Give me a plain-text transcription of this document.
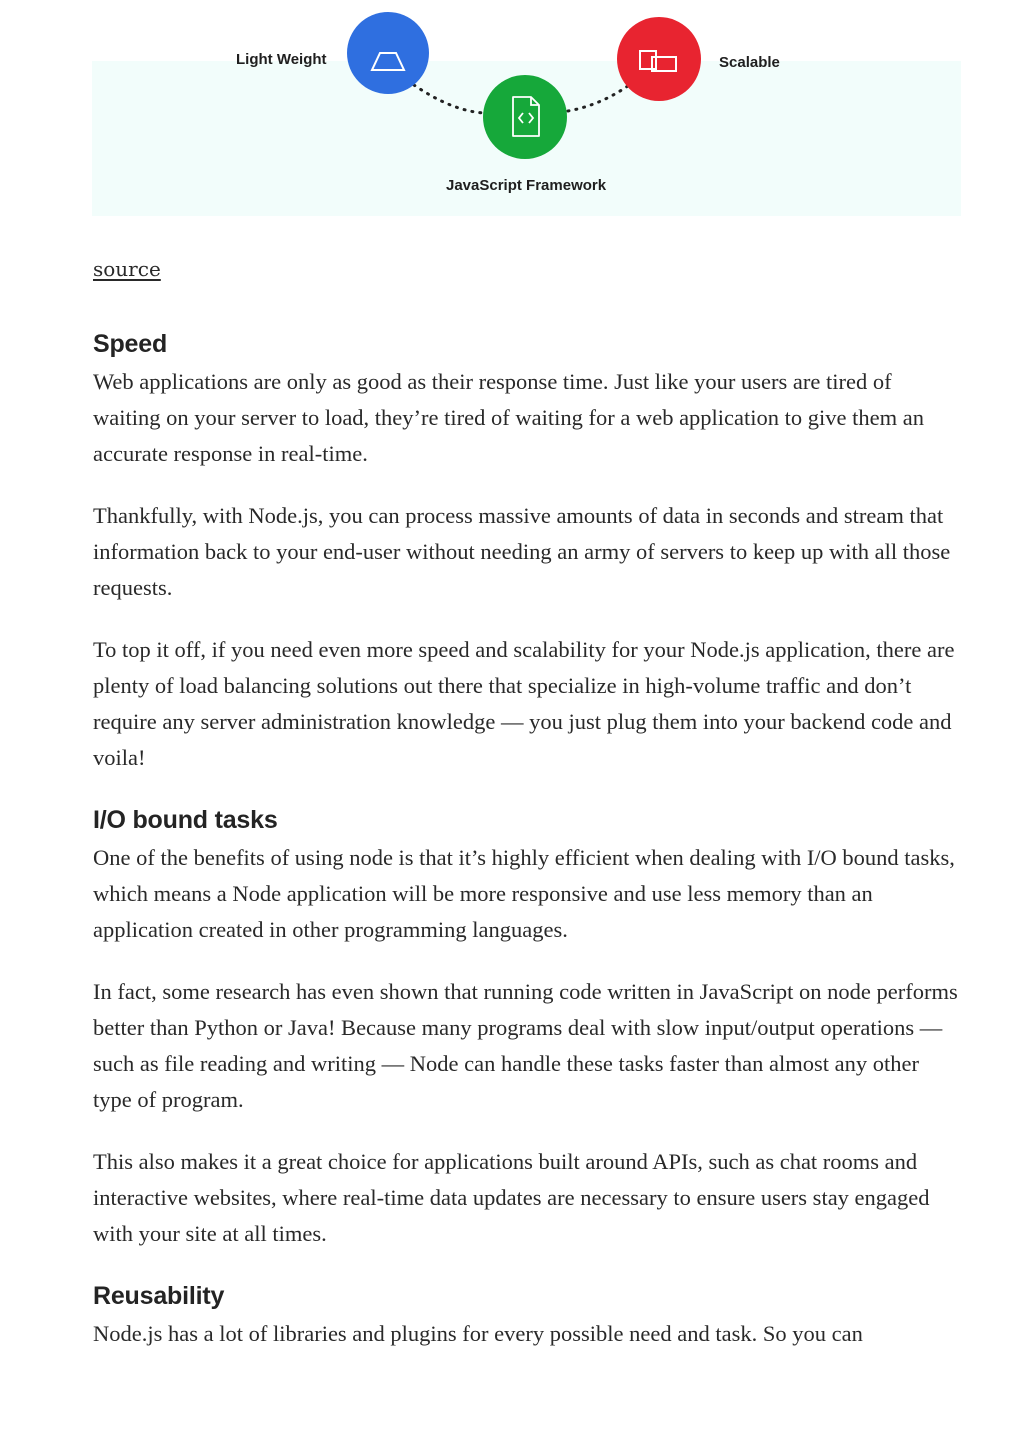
Light Weight	Scalable
JavaScript Framework
source
Speed

Web applications are only as good as their response time. Just like your users are tired of waiting on your server to load, they’re tired of waiting for a web application to give them an accurate response in real-time.

Thankfully, with Node.js, you can process massive amounts of data in seconds and stream that information back to your end-user without needing an army of servers to keep up with all those requests.

To top it off, if you need even more speed and scalability for your Node.js application, there are plenty of load balancing solutions out there that specialize in high-volume traffic and don’t require any server administration knowledge — you just plug them into your backend code and voila!

I/O bound tasks

One of the benefits of using node is that it’s highly efficient when dealing with I/O bound tasks, which means a Node application will be more responsive and use less memory than an application created in other programming languages.

In fact, some research has even shown that running code written in JavaScript on node performs better than Python or Java! Because many programs deal with slow input/output operations — such as file reading and writing — Node can handle these tasks faster than almost any other type of program.

This also makes it a great choice for applications built around APIs, such as chat rooms and interactive websites, where real-time data updates are necessary to ensure users stay engaged with your site at all times.

Reusability

Node.js has a lot of libraries and plugins for every possible need and task. So you can
